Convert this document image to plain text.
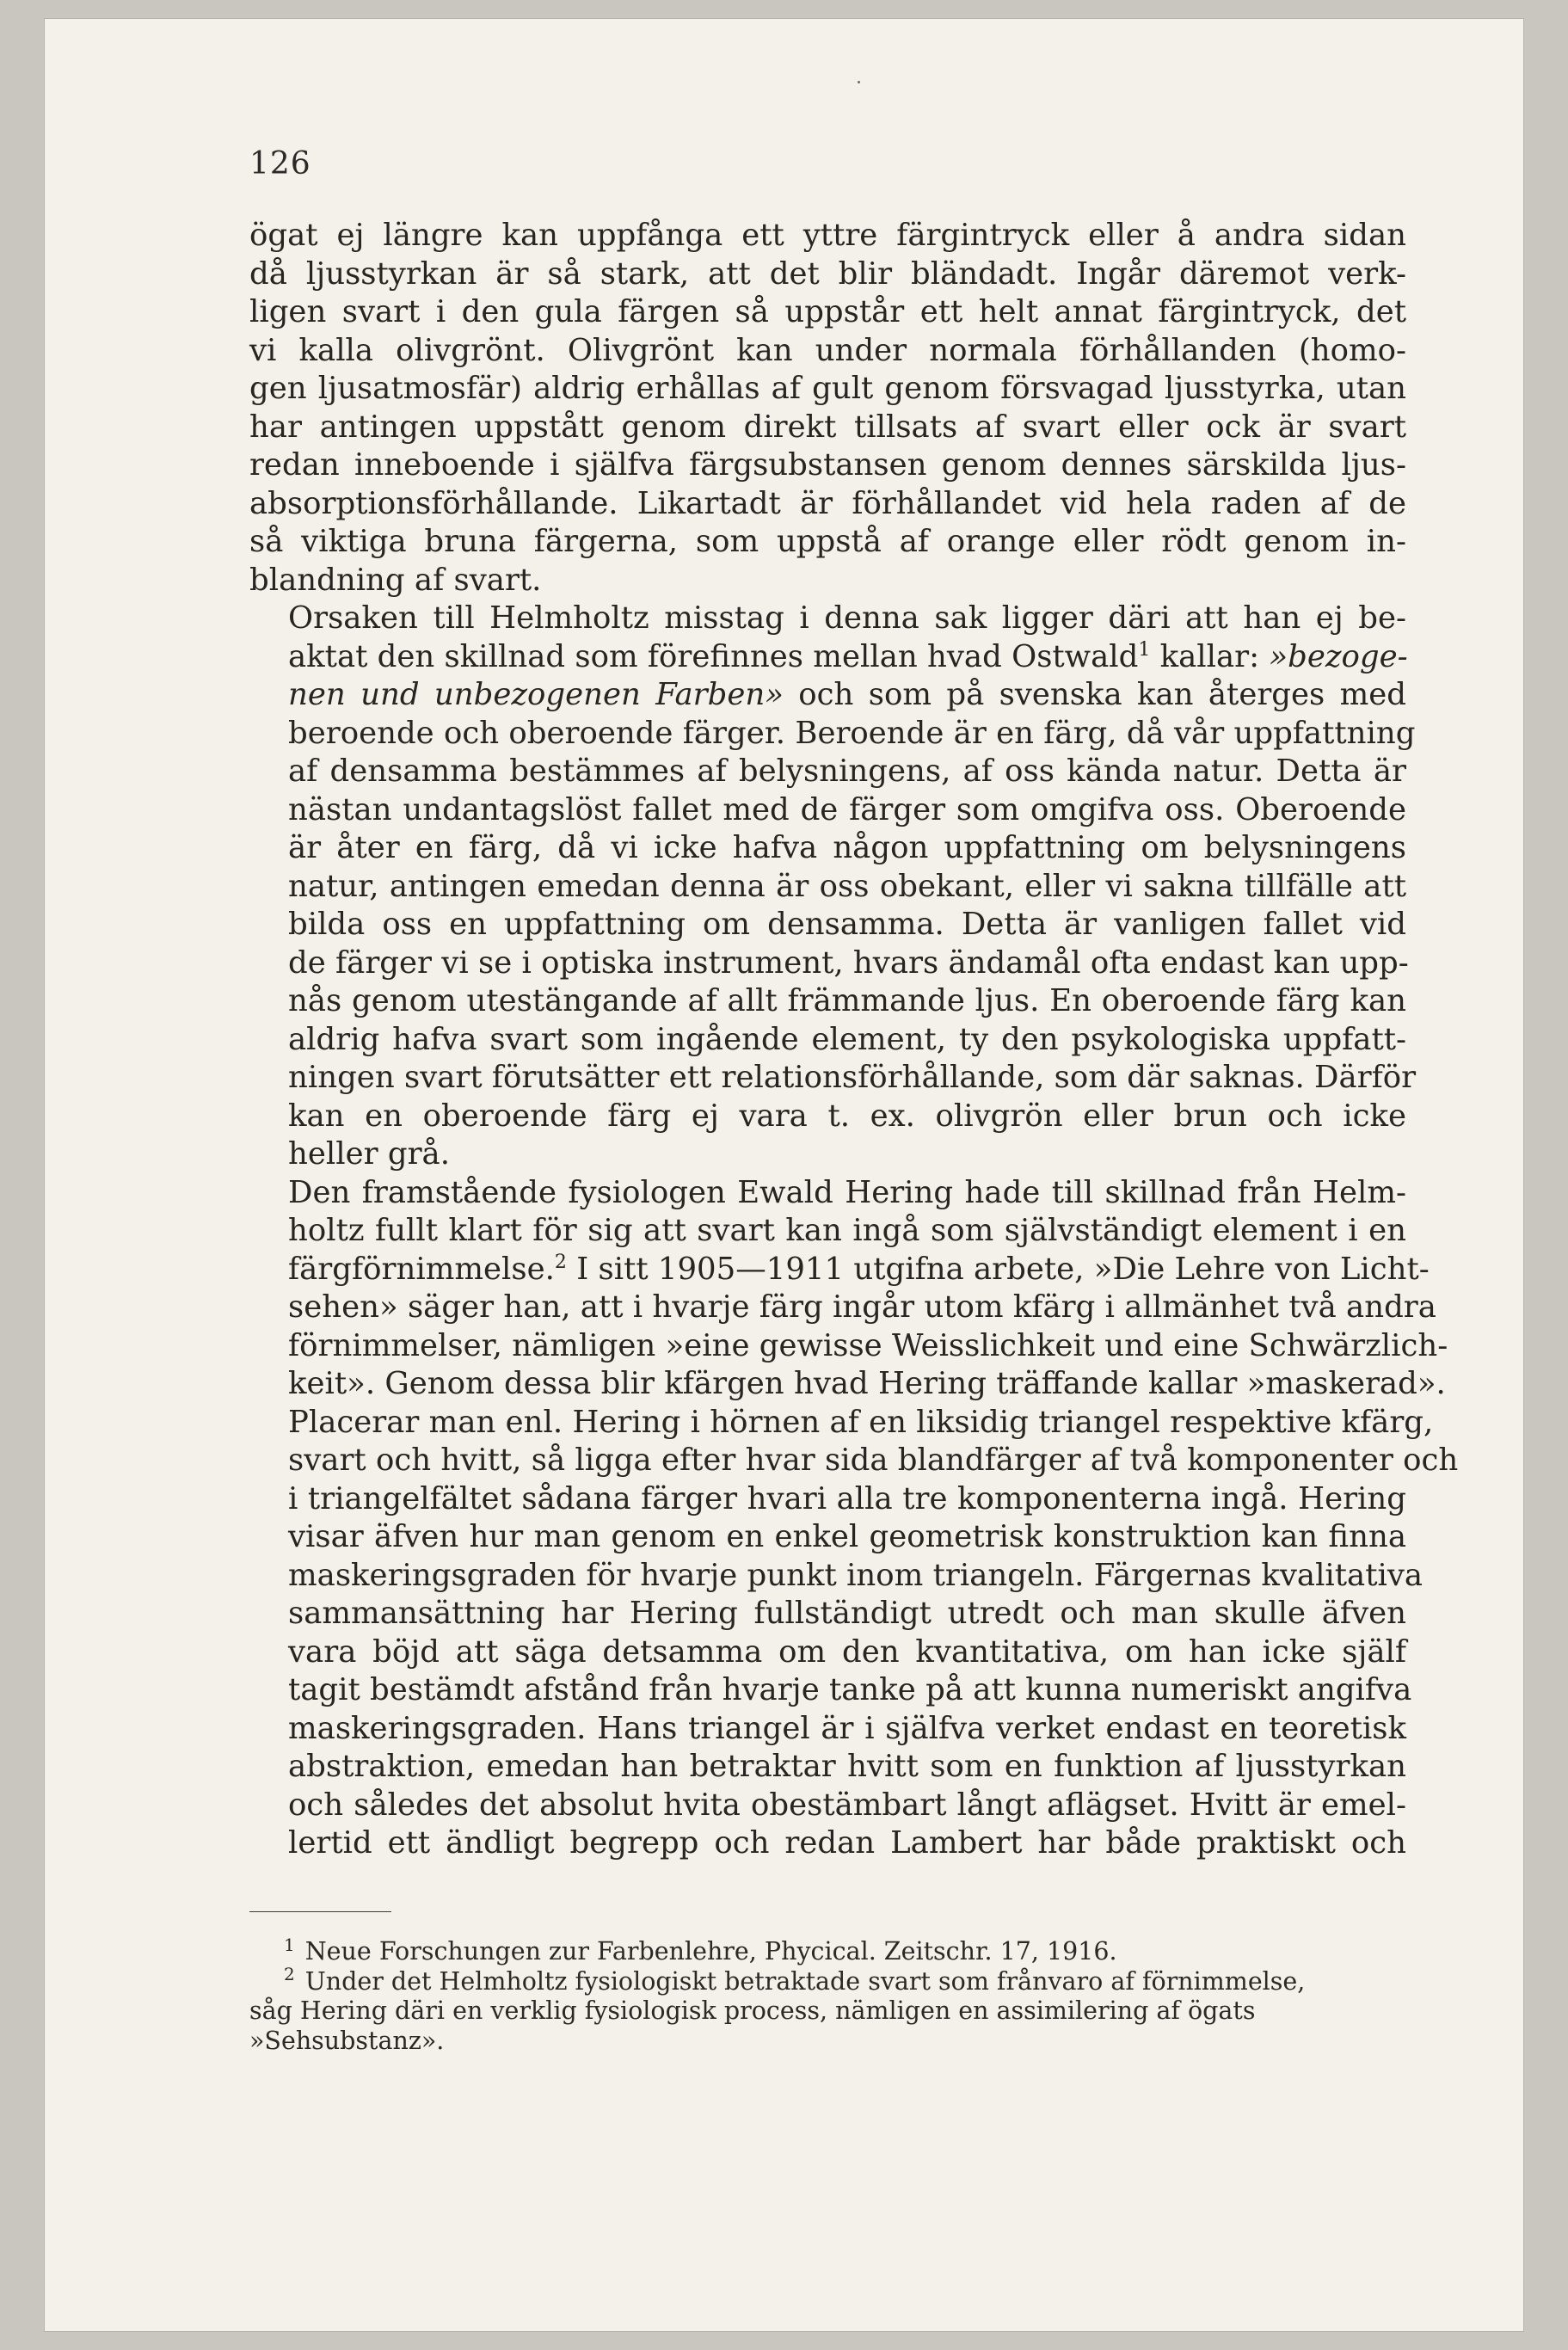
126
ögat ej längre kan uppfånga ett yttre färgintryck eller å andra sidan
då ljusstyrkan är så stark, att det blir bländadt. Ingår däremot verk-
ligen svart i den gula färgen så uppstår ett helt annat färgintryck, det
vi kalla olivgrönt. Olivgrönt kan under normala förhållanden (homo-
gen ljusatmosfär) aldrig erhållas af gult genom försvagad ljusstyrka, utan
har antingen uppstått genom direkt tillsats af svart eller ock är svart
redan inneboende i själfva färgsubstansen genom dennes särskilda ljus-
absorptionsförhållande. Likartadt är förhållandet vid hela raden af de
så viktiga bruna färgerna, som uppstå af orange eller rödt genom in-
blandning af svart.
Orsaken till Helmholtz misstag i denna sak ligger däri att han ej be-
aktat den skillnad som förefinnes mellan hvad Ostwald$^1$ kallar: »bezoge-
nen und unbezogenen Farben» och som på svenska kan återges med
beroende och oberoende färger. Beroende är en färg, då vår uppfattning
af densamma bestämmes af belysningens, af oss kända natur. Detta är
nästan undantagslöst fallet med de färger som omgifva oss. Oberoende
är åter en färg, då vi icke hafva någon uppfattning om belysningens
natur, antingen emedan denna är oss obekant, eller vi sakna tillfälle att
bilda oss en uppfattning om densamma. Detta är vanligen fallet vid
de färger vi se i optiska instrument, hvars ändamål ofta endast kan upp-
nås genom utestängande af allt främmande ljus. En oberoende färg kan
aldrig hafva svart som ingående element, ty den psykologiska uppfatt-
ningen svart förutsätter ett relationsförhållande, som där saknas. Därför
kan en oberoende färg ej vara t. ex. olivgrön eller brun och icke
heller grå.
Den framstående fysiologen Ewald Hering hade till skillnad från Helm-
holtz fullt klart för sig att svart kan ingå som självständigt element i en
färgförnimmelse.$^2$ I sitt 1905—1911 utgifna arbete, »Die Lehre von Licht-
sehen» säger han, att i hvarje färg ingår utom kfärg i allmänhet två andra
förnimmelser, nämligen »eine gewisse Weisslichkeit und eine Schwärzlich-
keit». Genom dessa blir kfärgen hvad Hering träffande kallar »maskerad».
Placerar man enl. Hering i hörnen af en liksidig triangel respektive kfärg,
svart och hvitt, så ligga efter hvar sida blandfärger af två komponenter och
i triangelfältet sådana färger hvari alla tre komponenterna ingå. Hering
visar äfven hur man genom en enkel geometrisk konstruktion kan finna
maskeringsgraden för hvarje punkt inom triangeln. Färgernas kvalitativa
sammansättning har Hering fullständigt utredt och man skulle äfven
vara böjd att säga detsamma om den kvantitativa, om han icke själf
tagit bestämdt afstånd från hvarje tanke på att kunna numeriskt angifva
maskeringsgraden. Hans triangel är i själfva verket endast en teoretisk
abstraktion, emedan han betraktar hvitt som en funktion af ljusstyrkan
och således det absolut hvita obestämbart långt aflägset. Hvitt är emel-
lertid ett ändligt begrepp och redan Lambert har både praktiskt och
$^1$ Neue Forschungen zur Farbenlehre, Phycical. Zeitschr. 17, 1916.
$^2$ Under det Helmholtz fysiologiskt betraktade svart som frånvaro af förnimmelse,
såg Hering däri en verklig fysiologisk process, nämligen en assimilering af ögats
»Sehsubstanz».
